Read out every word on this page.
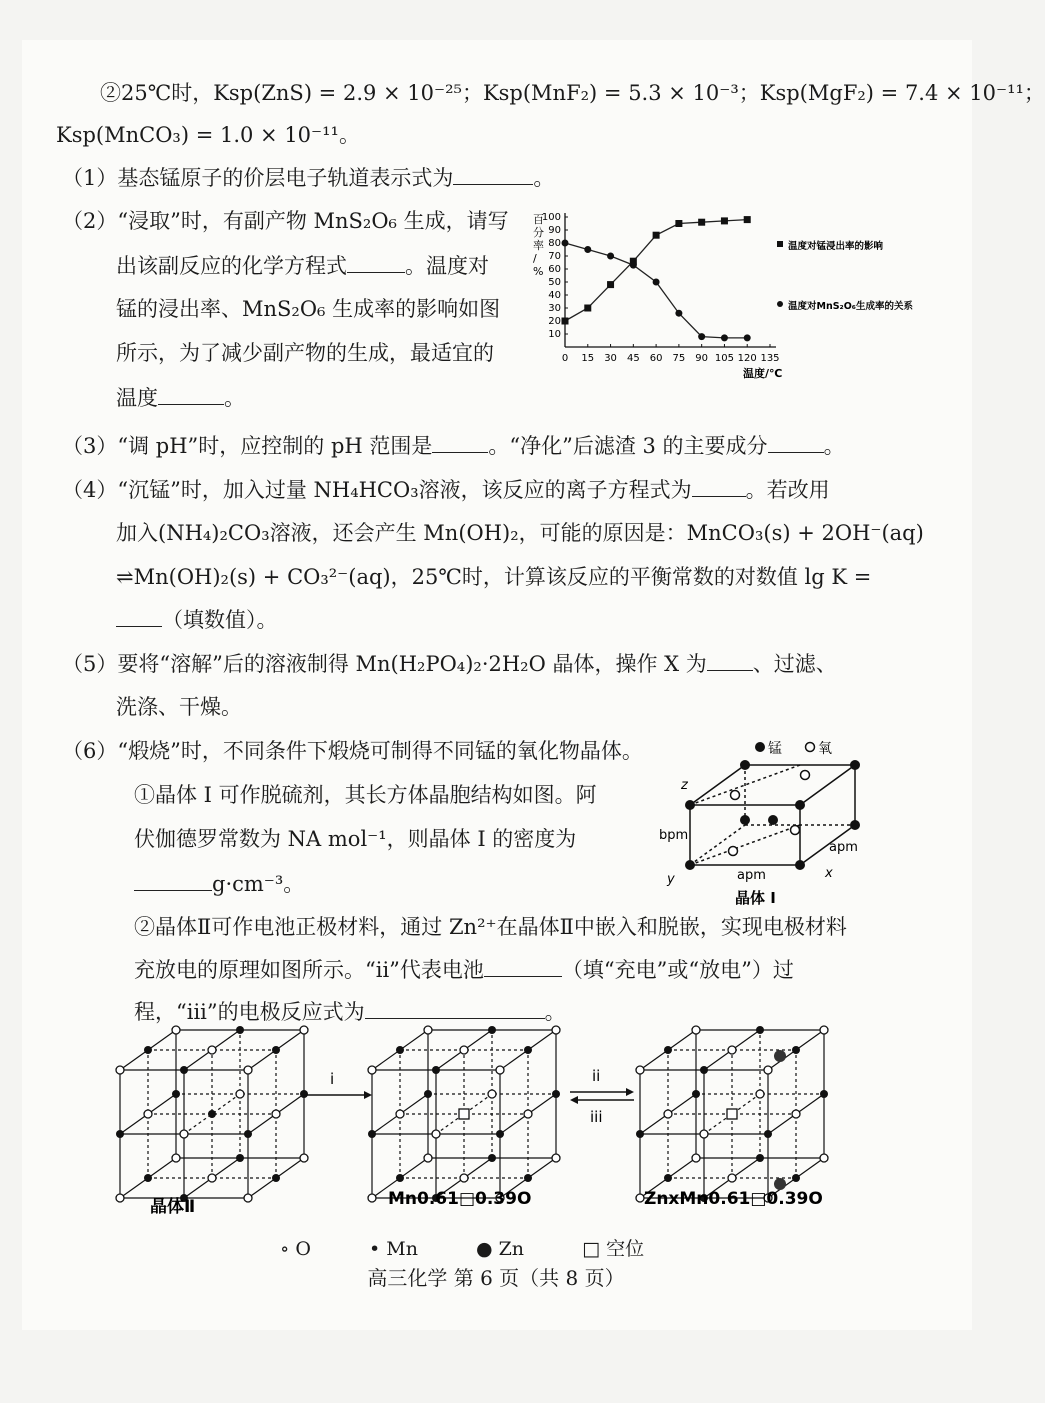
②25℃时，Ksp(ZnS) = 2.9 × 10⁻²⁵；Ksp(MnF₂) = 5.3 × 10⁻³；Ksp(MgF₂) = 7.4 × 10⁻¹¹；
Ksp(MnCO₃) = 1.0 × 10⁻¹¹。
（1）基态锰原子的价层电子轨道表示式为	。
（2）“浸取”时，有副产物 MnS₂O₆ 生成，请写
出该副反应的化学方程式	。温度对
锰的浸出率、MnS₂O₆ 生成率的影响如图
所示，为了减少副产物的生成，最适宜的
温度	。
0 15 30 45 60 75 90 105 120 135
10
20
30
40
50
60
70
80
90
100
百分率/ %
温度/℃
温度对锰浸出率的影响
温度对MnS₂O₆生成率的关系
（3）“调 pH”时，应控制的 pH 范围是	。“净化”后滤渣 3 的主要成分	。
（4）“沉锰”时，加入过量 NH₄HCO₃溶液，该反应的离子方程式为	。若改用
加入(NH₄)₂CO₃溶液，还会产生 Mn(OH)₂，可能的原因是：MnCO₃(s) + 2OH⁻(aq)
⇌Mn(OH)₂(s) + CO₃²⁻(aq)，25℃时，计算该反应的平衡常数的对数值 lg K =
（填数值）。
（5）要将“溶解”后的溶液制得 Mn(H₂PO₄)₂·2H₂O 晶体，操作 X 为 、过滤、
洗涤、干燥。
（6）“煅烧”时，不同条件下煅烧可制得不同锰的氧化物晶体。
①晶体 I 可作脱硫剂，其长方体晶胞结构如图。阿
伏伽德罗常数为 NA mol⁻¹，则晶体 I 的密度为
g·cm⁻³。
锰	氧
z
y	x
bpm
apm
apm
晶体 I
②晶体Ⅱ可作电池正极材料，通过 Zn²⁺在晶体Ⅱ中嵌入和脱嵌，实现电极材料
充放电的原理如图所示。“ii”代表电池	（填“充电”或“放电”）过
程，“iii”的电极反应式为	。
i	ii
iii
晶体Ⅱ	Mn0.61□0.39O	ZnxMn0.61□0.39O
∘ O	• Mn	● Zn	□ 空位
高三化学 第 6 页（共 8 页）
